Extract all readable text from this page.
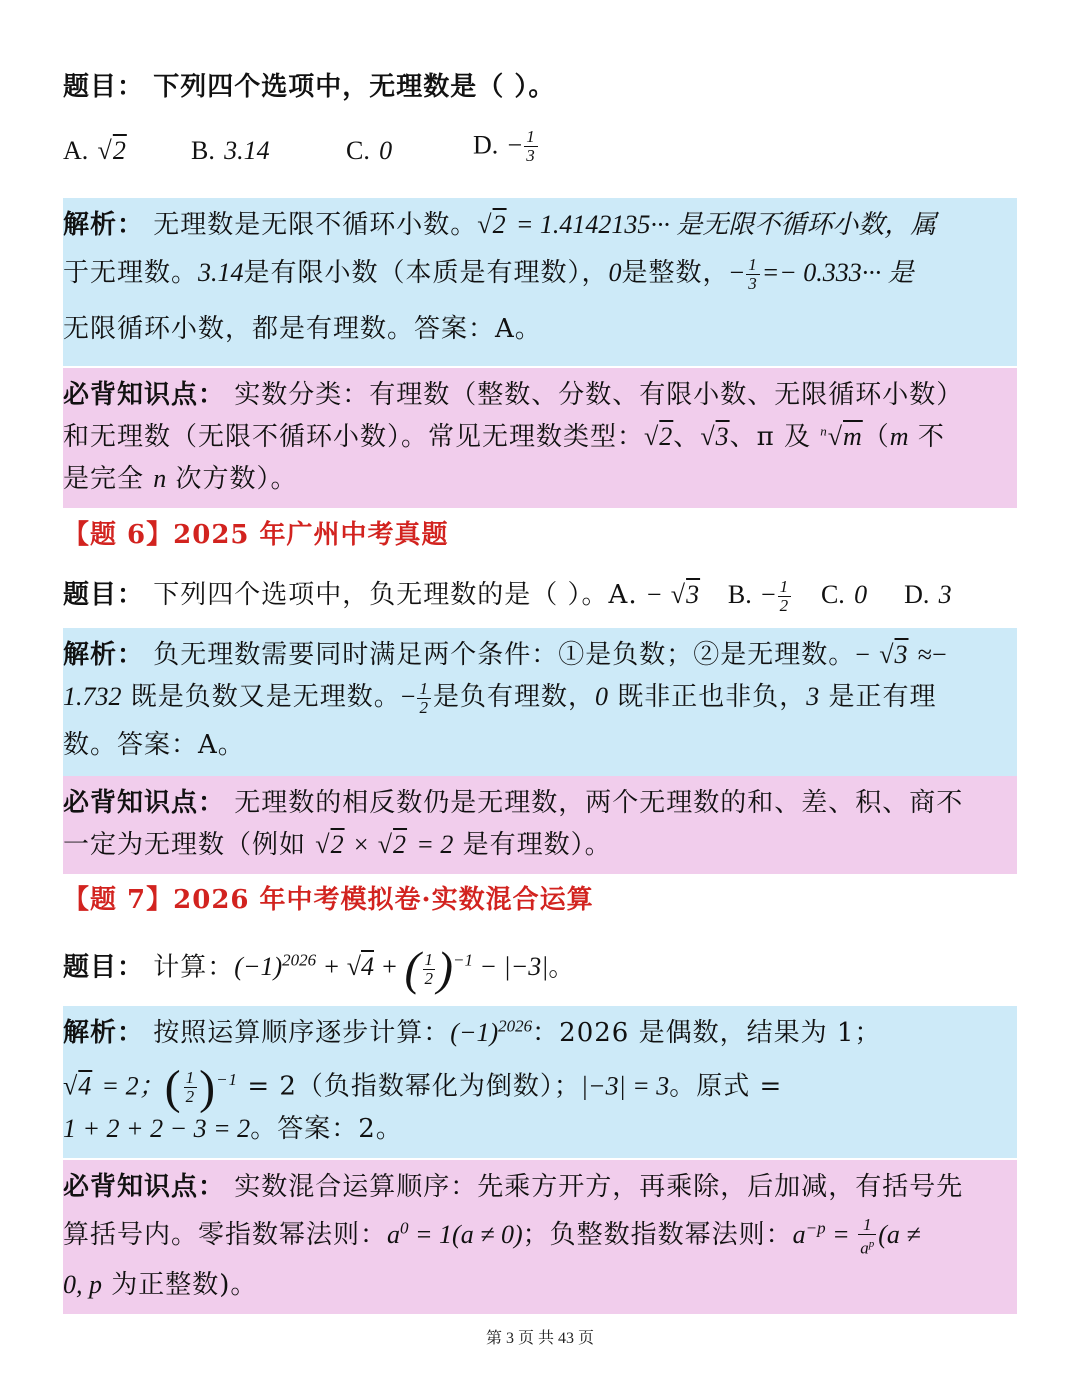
题目： 下列四个选项中，无理数是（ ）。
A. √2 B. 3.14	C. 0	D. − $\frac{1}{3}$
解析： 无理数是无限不循环小数。√2 = 1.4142135··· 是无限不循环小数，属
于无理数。3.14是有限小数（本质是有理数），0是整数，− $\frac{1}{3} =- 0.333\cdot\cdot\cdot$ 是
无限循环小数，都是有理数。答案：A。
必背知识点： 实数分类：有理数（整数、分数、有限小数、无限循环小数）
和无理数（无限不循环小数）。常见无理数类型：√2、√3、π 及 $^n$√m（m 不
是完全 n 次方数）。
【题 6】2025 年广州中考真题
题目： 下列四个选项中，负无理数的是（ ）。A. − √3 B. − $\frac{1}{2} C$. 0 D. 3
解析： 负无理数需要同时满足两个条件：①是负数；②是无理数。− √3 ≈−
1.732 既是负数又是无理数。− $\frac{1}{2}$ 是负有理数，0 既非正也非负，3 是正有理
数。答案：A。
必背知识点： 无理数的相反数仍是无理数，两个无理数的和、差、积、商不
一定为无理数（例如 √2 × √2 = 2 是有理数）。
【题 7】2026 年中考模拟卷·实数混合运算
题目： 计算：$(-1)^{2026} + √4$ + ( $\frac{1}{2} )^{-1} - |-3|$。
解析： 按照运算顺序逐步计算：$(-1)^{2026}$：2026 是偶数，结果为 1；
√4 = 2；( $\frac{1}{2} )^{-1} = 2$（负指数幂化为倒数）；|−3| = 3。原式 =
1 + 2 + 2 − 3 = 2。答案：2。
必背知识点： 实数混合运算顺序：先乘方开方，再乘除，后加减，有括号先
算括号内。零指数幂法则：$a^0 = 1(a \ne 0)$；负整数指数幂法则：$a^{-p} = \frac{1}{a^p} (a$ ≠
0, p 为正整数)。
第 3 页 共 43 页
